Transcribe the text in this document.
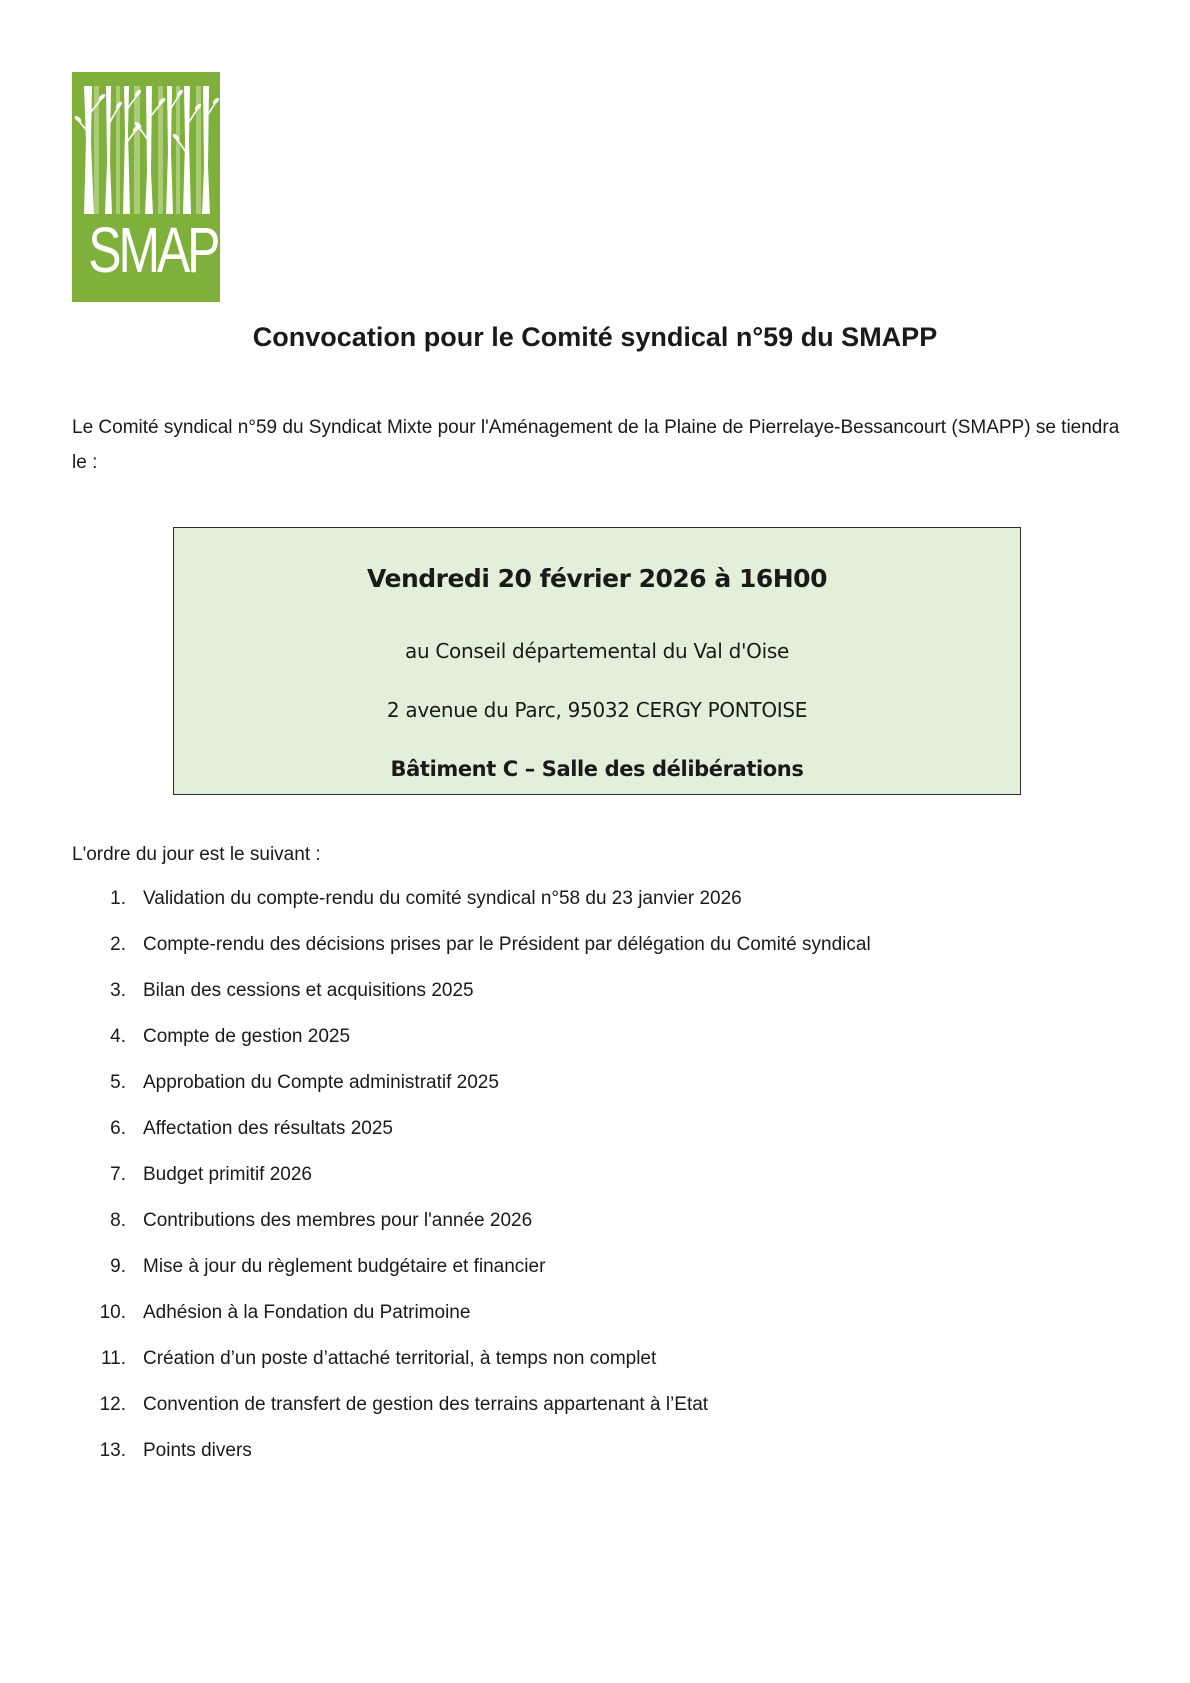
SMAPP
Convocation pour le Comité syndical n°59 du SMAPP

Le Comité syndical n°59 du Syndicat Mixte pour l'Aménagement de la Plaine de Pierrelaye-Bessancourt (SMAPP) se tiendra le :

Vendredi 20 février 2026 à 16H00
au Conseil départemental du Val d'Oise
2 avenue du Parc, 95032 CERGY PONTOISE
Bâtiment C – Salle des délibérations

L'ordre du jour est le suivant :

1. Validation du compte-rendu du comité syndical n°58 du 23 janvier 2026
2. Compte-rendu des décisions prises par le Président par délégation du Comité syndical
3. Bilan des cessions et acquisitions 2025
4. Compte de gestion 2025
5. Approbation du Compte administratif 2025
6. Affectation des résultats 2025
7. Budget primitif 2026
8. Contributions des membres pour l'année 2026
9. Mise à jour du règlement budgétaire et financier
10. Adhésion à la Fondation du Patrimoine
11. Création d’un poste d’attaché territorial, à temps non complet
12. Convention de transfert de gestion des terrains appartenant à l’Etat
13. Points divers
